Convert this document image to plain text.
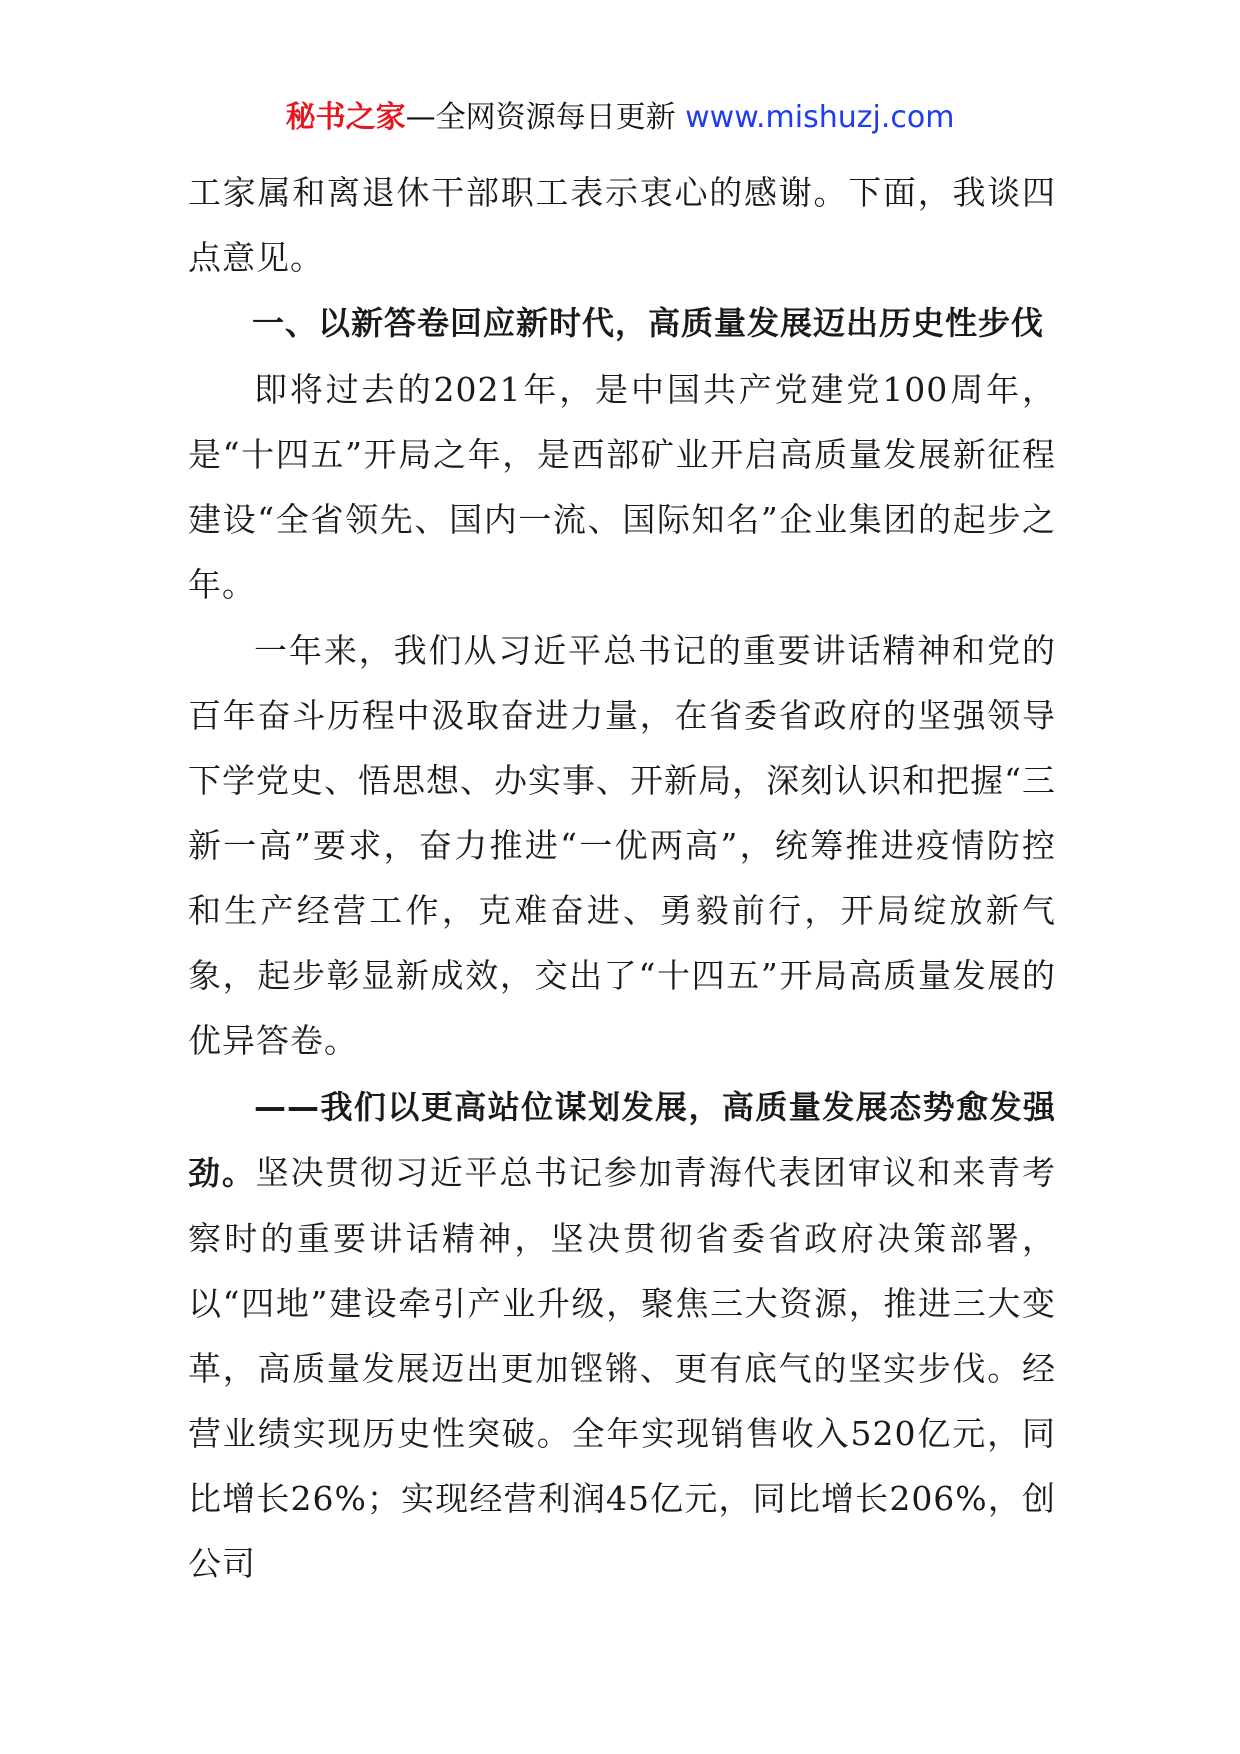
秘书之家—全网资源每日更新 www.mishuzj.com

工家属和离退休干部职工表示衷心的感谢。下面，我谈四点意见。

一、以新答卷回应新时代，高质量发展迈出历史性步伐

即将过去的2021年，是中国共产党建党100周年，是“十四五”开局之年，是西部矿业开启高质量发展新征程建设“全省领先、国内一流、国际知名”企业集团的起步之年。

一年来，我们从习近平总书记的重要讲话精神和党的百年奋斗历程中汲取奋进力量，在省委省政府的坚强领导下学党史、悟思想、办实事、开新局，深刻认识和把握“三新一高”要求，奋力推进“一优两高”，统筹推进疫情防控和生产经营工作，克难奋进、勇毅前行，开局绽放新气象，起步彰显新成效，交出了“十四五”开局高质量发展的优异答卷。

——我们以更高站位谋划发展，高质量发展态势愈发强劲。坚决贯彻习近平总书记参加青海代表团审议和来青考察时的重要讲话精神，坚决贯彻省委省政府决策部署，以“四地”建设牵引产业升级，聚焦三大资源，推进三大变革，高质量发展迈出更加铿锵、更有底气的坚实步伐。经营业绩实现历史性突破。全年实现销售收入520亿元，同比增长26%；实现经营利润45亿元，同比增长206%，创公司
